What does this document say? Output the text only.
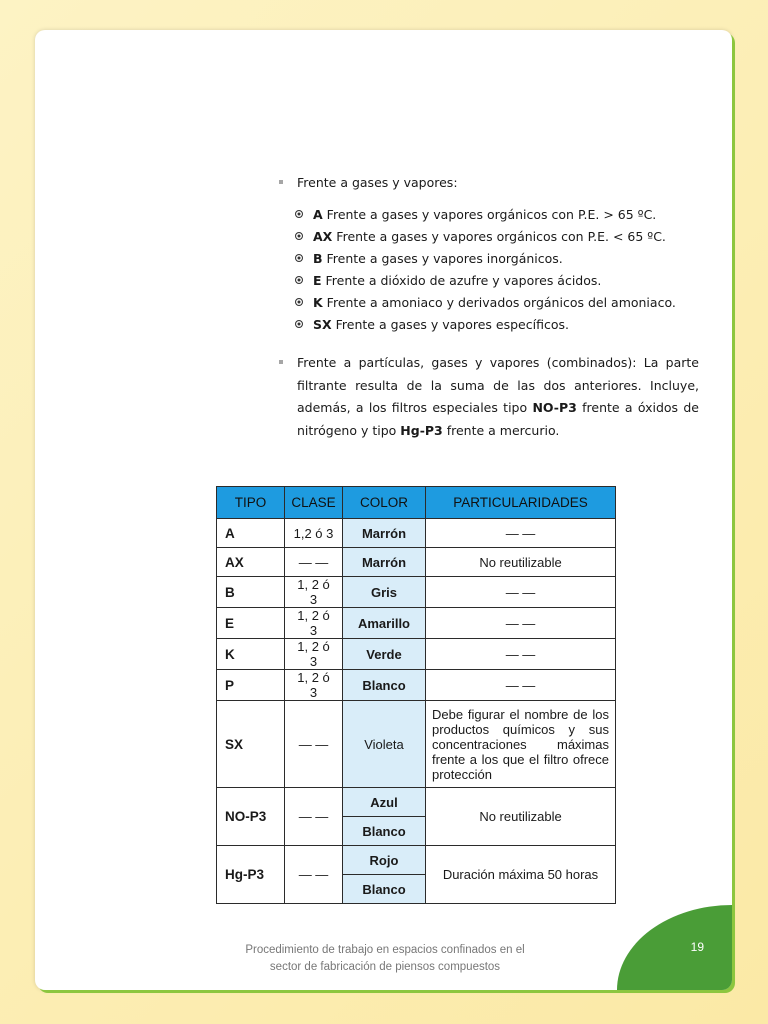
Frente a gases y vapores:
A Frente a gases y vapores orgánicos con P.E. > 65 ºC.
AX Frente a gases y vapores orgánicos con P.E. < 65 ºC.
B Frente a gases y vapores inorgánicos.
E Frente a dióxido de azufre y vapores ácidos.
K Frente a amoniaco y derivados orgánicos del amoniaco.
SX Frente a gases y vapores específicos.
Frente a partículas, gases y vapores (combinados): La parte filtrante resulta de la suma de las dos anteriores. Incluye, además, a los filtros especiales tipo NO-P3 frente a óxidos de nitrógeno y tipo Hg-P3 frente a mercurio.
TIPO	CLASE	COLOR	PARTICULARIDADES
A	1,2 ó 3	Marrón	— —
AX	— —	Marrón	No reutilizable
B	1, 2 ó 3	Gris	— —
E	1, 2 ó 3	Amarillo	— —
K	1, 2 ó 3	Verde	— —
P	1, 2 ó 3	Blanco	— —
SX	— —	Violeta	Debe figurar el nombre de los productos químicos y sus concentraciones máximas frente a los que el filtro ofrece protección
NO-P3	— —	Azul	No reutilizable
		Blanco	
Hg-P3	— —	Rojo	Duración máxima 50 horas
		Blanco	
Procedimiento de trabajo en espacios confinados en el
sector de fabricación de piensos compuestos
19
